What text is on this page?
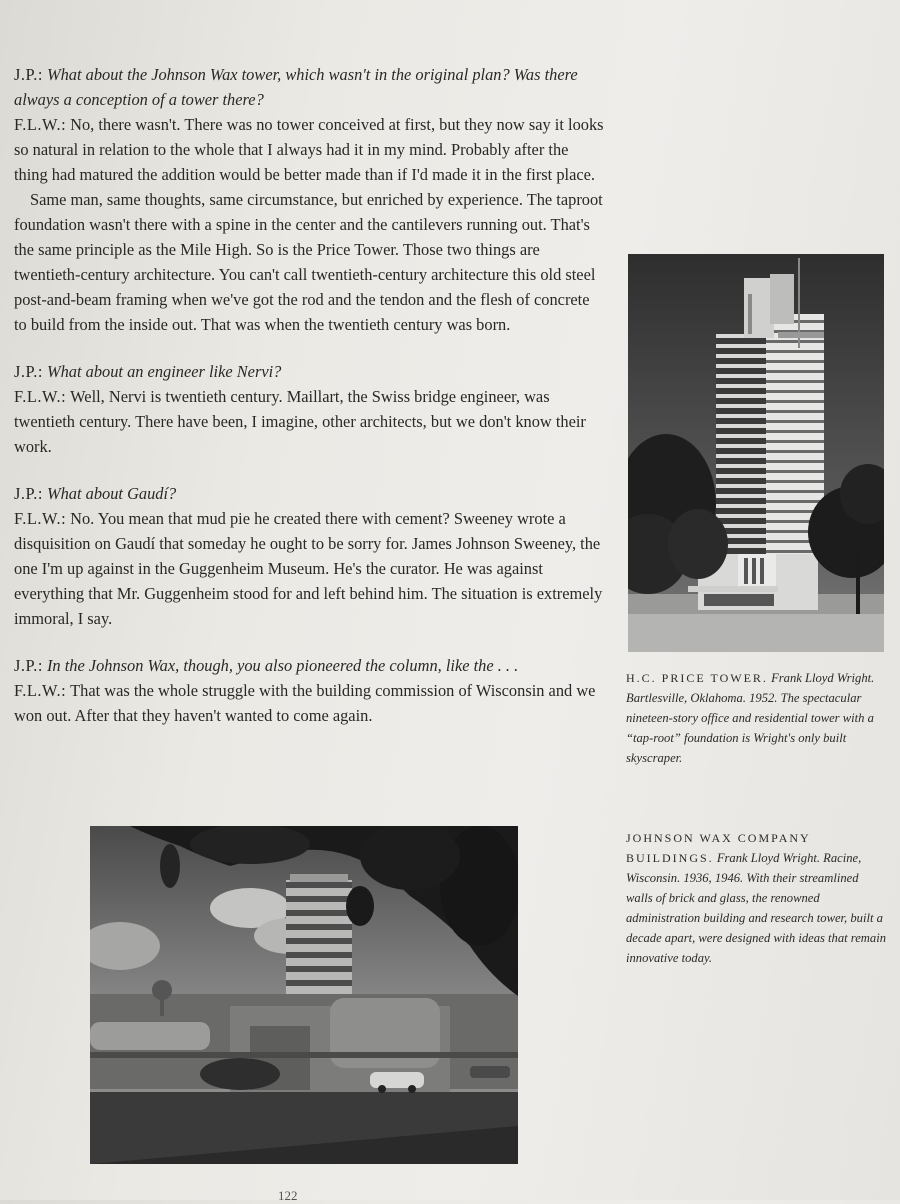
J.P.: What about the Johnson Wax tower, which wasn't in the original plan? Was there always a conception of a tower there?

F.L.W.: No, there wasn't. There was no tower conceived at first, but they now say it looks so natural in relation to the whole that I always had it in my mind. Probably after the thing had matured the addition would be better made than if I'd made it in the first place.

Same man, same thoughts, same circumstance, but enriched by experience. The taproot foundation wasn't there with a spine in the center and the cantilevers running out. That's the same principle as the Mile High. So is the Price Tower. Those two things are twentieth-century architecture. You can't call twentieth-century architecture this old steel post-and-beam framing when we've got the rod and the tendon and the flesh of concrete to build from the inside out. That was when the twentieth century was born.

J.P.: What about an engineer like Nervi?

F.L.W.: Well, Nervi is twentieth century. Maillart, the Swiss bridge engineer, was twentieth century. There have been, I imagine, other architects, but we don't know their work.

J.P.: What about Gaudí?

F.L.W.: No. You mean that mud pie he created there with cement? Sweeney wrote a disquisition on Gaudí that someday he ought to be sorry for. James Johnson Sweeney, the one I'm up against in the Guggenheim Museum. He's the curator. He was against everything that Mr. Guggenheim stood for and left behind him. The situation is extremely immoral, I say.

J.P.: In the Johnson Wax, though, you also pioneered the column, like the . . .

F.L.W.: That was the whole struggle with the building commission of Wisconsin and we won out. After that they haven't wanted to come again.

H.C. PRICE TOWER. Frank Lloyd Wright. Bartlesville, Oklahoma. 1952. The spectacular nineteen-story office and residential tower with a “tap-root” foundation is Wright's only built skyscraper.
JOHNSON WAX COMPANY BUILDINGS. Frank Lloyd Wright. Racine, Wisconsin. 1936, 1946. With their streamlined walls of brick and glass, the renowned administration building and research tower, built a decade apart, were designed with ideas that remain innovative today.
122
